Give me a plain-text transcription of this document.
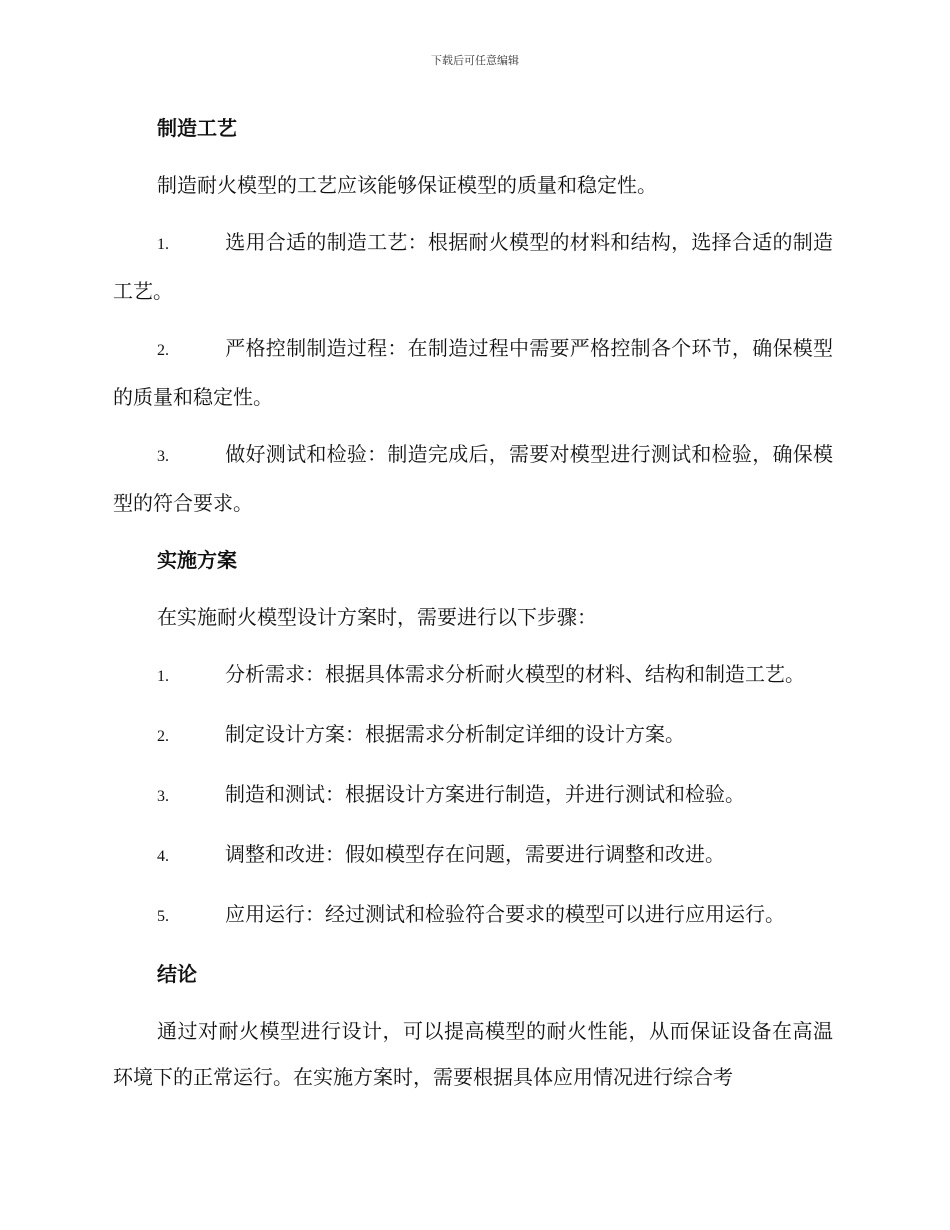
下载后可任意编辑
制造工艺
制造耐火模型的工艺应该能够保证模型的质量和稳定性。
1.	选用合适的制造工艺：根据耐火模型的材料和结构，选择合适的制造工艺。
2.	严格控制制造过程：在制造过程中需要严格控制各个环节，确保模型的质量和稳定性。
3.	做好测试和检验：制造完成后，需要对模型进行测试和检验，确保模型的符合要求。
实施方案
在实施耐火模型设计方案时，需要进行以下步骤：
1.	分析需求：根据具体需求分析耐火模型的材料、结构和制造工艺。
2.	制定设计方案：根据需求分析制定详细的设计方案。
3.	制造和测试：根据设计方案进行制造，并进行测试和检验。
4.	调整和改进：假如模型存在问题，需要进行调整和改进。
5.	应用运行：经过测试和检验符合要求的模型可以进行应用运行。
结论
通过对耐火模型进行设计，可以提高模型的耐火性能，从而保证设备在高温环境下的正常运行。在实施方案时，需要根据具体应用情况进行综合考
